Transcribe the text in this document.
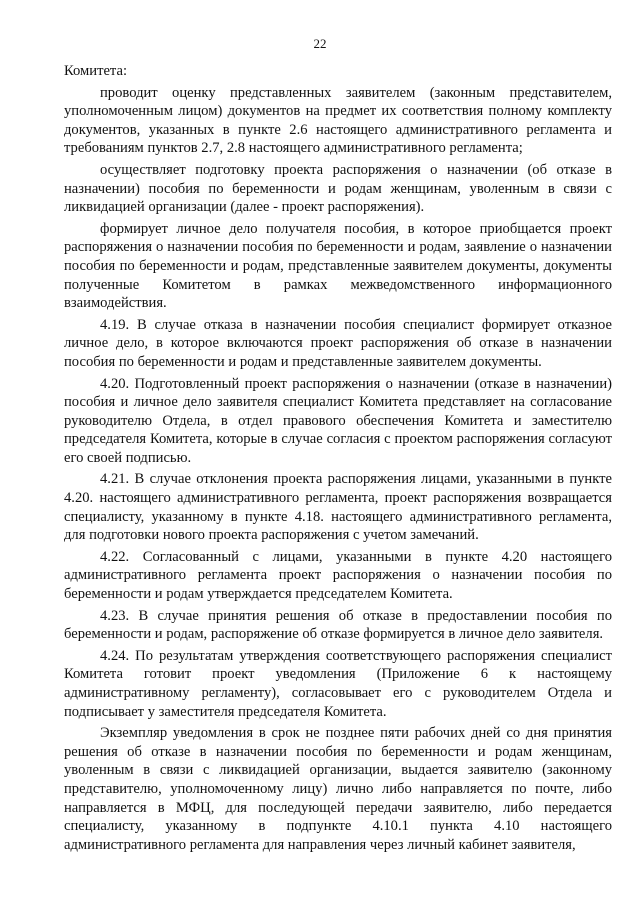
22

Комитета:

проводит оценку представленных заявителем (законным представителем, уполномоченным лицом) документов на предмет их соответствия полному комплекту документов, указанных в пункте 2.6 настоящего административного регламента и требованиям пунктов 2.7, 2.8 настоящего административного регламента;

осуществляет подготовку проекта распоряжения о назначении (об отказе в назначении) пособия по беременности и родам женщинам, уволенным в связи с ликвидацией организации (далее - проект распоряжения).

формирует личное дело получателя пособия, в которое приобщается проект распоряжения о назначении пособия по беременности и родам, заявление о назначении пособия по беременности и родам, представленные заявителем документы, документы полученные Комитетом в рамках межведомственного информационного взаимодействия.

4.19. В случае отказа в назначении пособия специалист формирует отказное личное дело, в которое включаются проект распоряжения об отказе в назначении пособия по беременности и родам и представленные заявителем документы.

4.20. Подготовленный проект распоряжения о назначении (отказе в назначении) пособия и личное дело заявителя специалист Комитета представляет на согласование руководителю Отдела, в отдел правового обеспечения Комитета и заместителю председателя Комитета, которые в случае согласия с проектом распоряжения согласуют его своей подписью.

4.21. В случае отклонения проекта распоряжения лицами, указанными в пункте 4.20. настоящего административного регламента, проект распоряжения возвращается специалисту, указанному в пункте 4.18. настоящего административного регламента, для подготовки нового проекта распоряжения с учетом замечаний.

4.22. Согласованный с лицами, указанными в пункте 4.20 настоящего административного регламента проект распоряжения о назначении пособия по беременности и родам утверждается председателем Комитета.

4.23. В случае принятия решения об отказе в предоставлении пособия по беременности и родам, распоряжение об отказе формируется в личное дело заявителя.

4.24. По результатам утверждения соответствующего распоряжения специалист Комитета готовит проект уведомления (Приложение 6 к настоящему административному регламенту), согласовывает его с руководителем Отдела и подписывает у заместителя председателя Комитета.

Экземпляр уведомления в срок не позднее пяти рабочих дней со дня принятия решения об отказе в назначении пособия по беременности и родам женщинам, уволенным в связи с ликвидацией организации, выдается заявителю (законному представителю, уполномоченному лицу) лично либо направляется по почте, либо направляется в МФЦ, для последующей передачи заявителю, либо передается специалисту, указанному в подпункте 4.10.1 пункта 4.10 настоящего административного регламента для направления через личный кабинет заявителя,
